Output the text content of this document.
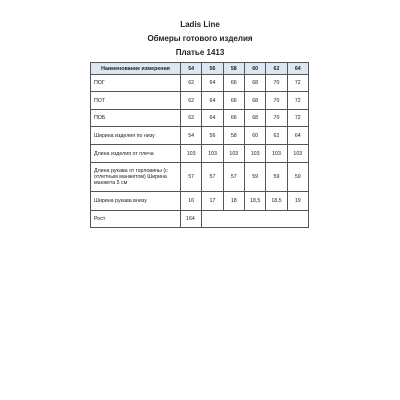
Ladis Line
Обмеры готового изделия
Платье 1413
Наименование измерения	54	56	58	60	62	64
ПОГ	62	64	66	68	70	72
ПОТ	62	64	66	68	70	72
ПОБ	62	64	66	68	70	72
Ширина изделия по низу	54	56	58	60	62	64
Длина изделия от плеча	103	103	103	103	103	103
Длина рукава от горловины (с отлетным манжетом) Ширина манжета 5 см	57	57	57	59	59	59
Ширина рукава внизу	16	17	18	18,5	18,5	19
Рост	164					
